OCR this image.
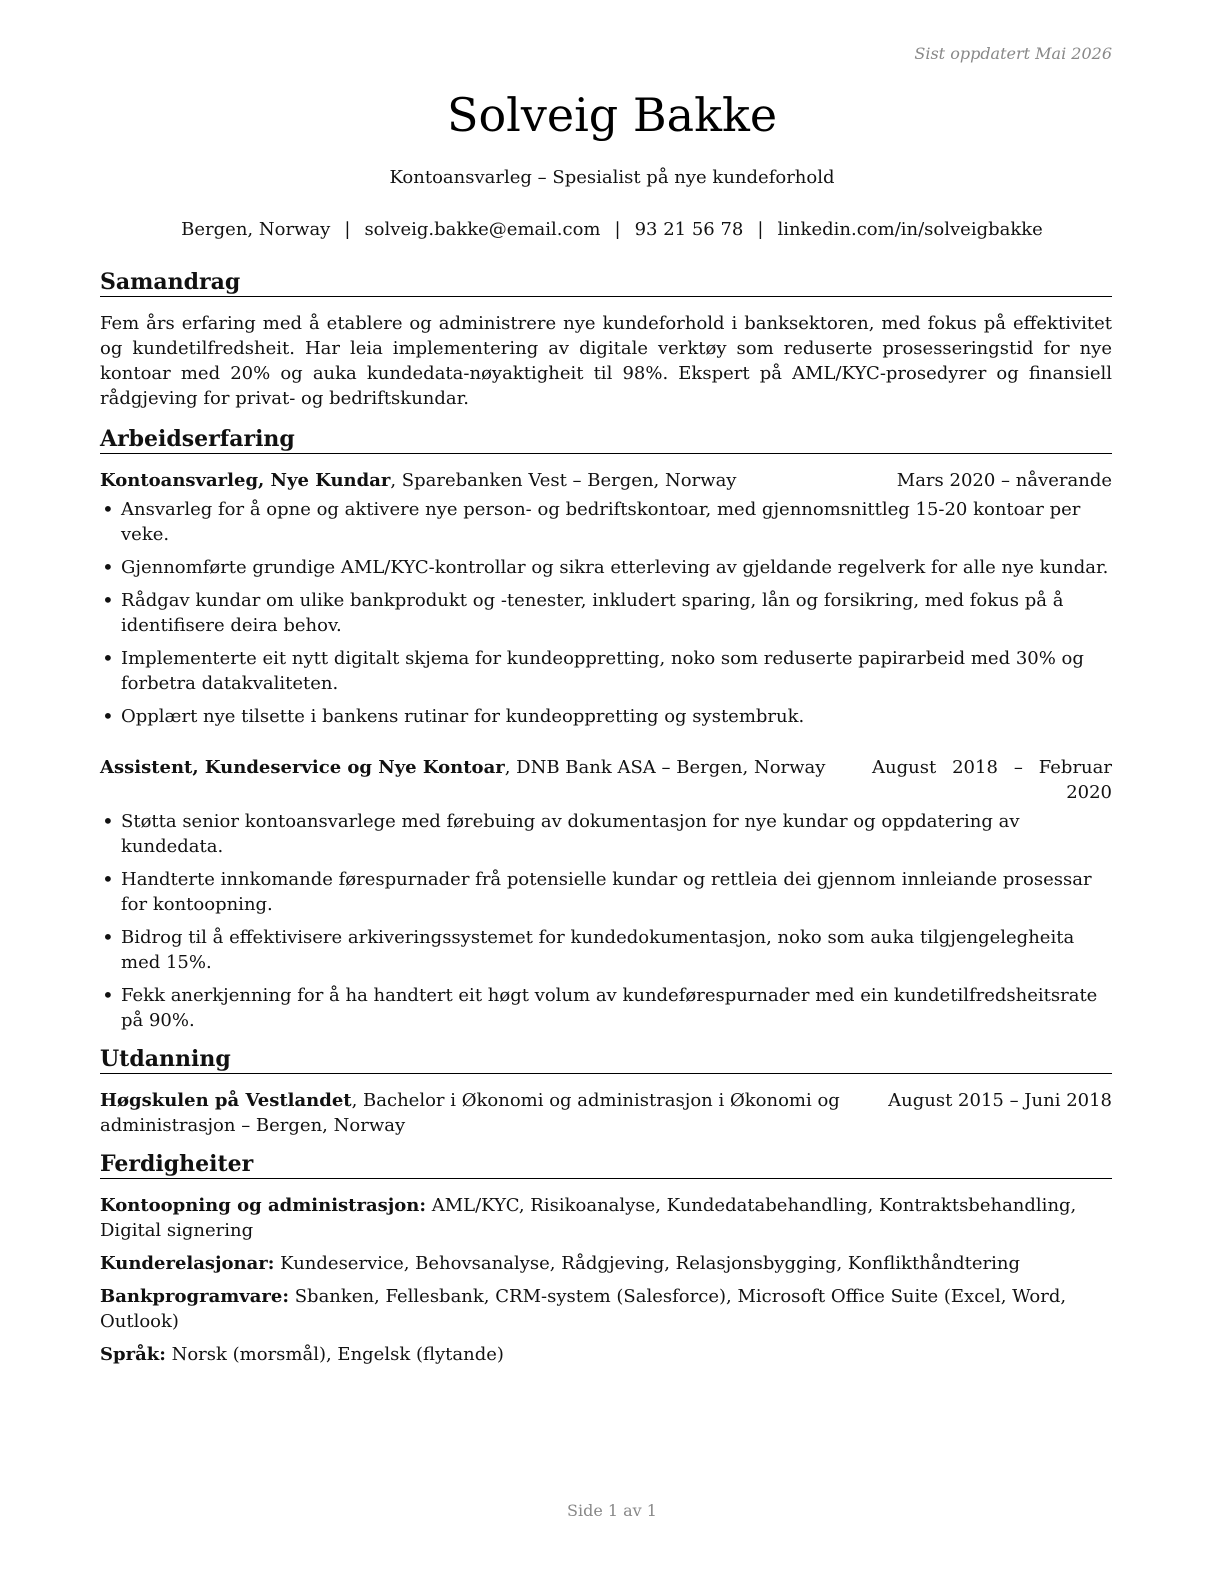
Sist oppdatert Mai 2026
Solveig Bakke
Kontoansvarleg – Spesialist på nye kundeforhold
Bergen, Norway | solveig.bakke@email.com | 93 21 56 78 | linkedin.com/in/solveigbakke
Samandrag
Fem års erfaring med å etablere og administrere nye kundeforhold i banksektoren, med fokus på effektivitet og kundetilfredsheit. Har leia implementering av digitale verktøy som reduserte prosesseringstid for nye kontoar med 20% og auka kundedata-nøyaktigheit til 98%. Ekspert på AML/KYC-prosedyrer og finansiell rådgjeving for privat- og bedriftskundar.
Arbeidserfaring
Kontoansvarleg, Nye Kundar, Sparebanken Vest – Bergen, Norway	Mars 2020 – nåverande
• Ansvarleg for å opne og aktivere nye person- og bedriftskontoar, med gjennomsnittleg 15-20 kontoar per veke.
• Gjennomførte grundige AML/KYC-kontrollar og sikra etterleving av gjeldande regelverk for alle nye kundar.
• Rådgav kundar om ulike bankprodukt og -tenester, inkludert sparing, lån og forsikring, med fokus på å identifisere deira behov.
• Implementerte eit nytt digitalt skjema for kundeoppretting, noko som reduserte papirarbeid med 30% og forbetra datakvaliteten.
• Opplært nye tilsette i bankens rutinar for kundeoppretting og systembruk.
Assistent, Kundeservice og Nye Kontoar, DNB Bank ASA – Bergen, Norway	August 2018 – Februar 2020
• Støtta senior kontoansvarlege med førebuing av dokumentasjon for nye kundar og oppdatering av kundedata.
• Handterte innkomande førespurnader frå potensielle kundar og rettleia dei gjennom innleiande prosessar for kontoopning.
• Bidrog til å effektivisere arkiveringssystemet for kundedokumentasjon, noko som auka tilgjengelegheita med 15%.
• Fekk anerkjenning for å ha handtert eit høgt volum av kundeførespurnader med ein kundetilfredsheitsrate på 90%.
Utdanning
Høgskulen på Vestlandet, Bachelor i Økonomi og administrasjon i Økonomi og administrasjon – Bergen, Norway
August 2015 – Juni 2018
Ferdigheiter
Kontoopning og administrasjon: AML/KYC, Risikoanalyse, Kundedatabehandling, Kontraktsbehandling, Digital signering
Kunderelasjonar: Kundeservice, Behovsanalyse, Rådgjeving, Relasjonsbygging, Konflikthåndtering
Bankprogramvare: Sbanken, Fellesbank, CRM-system (Salesforce), Microsoft Office Suite (Excel, Word, Outlook)
Språk: Norsk (morsmål), Engelsk (flytande)
Side 1 av 1
